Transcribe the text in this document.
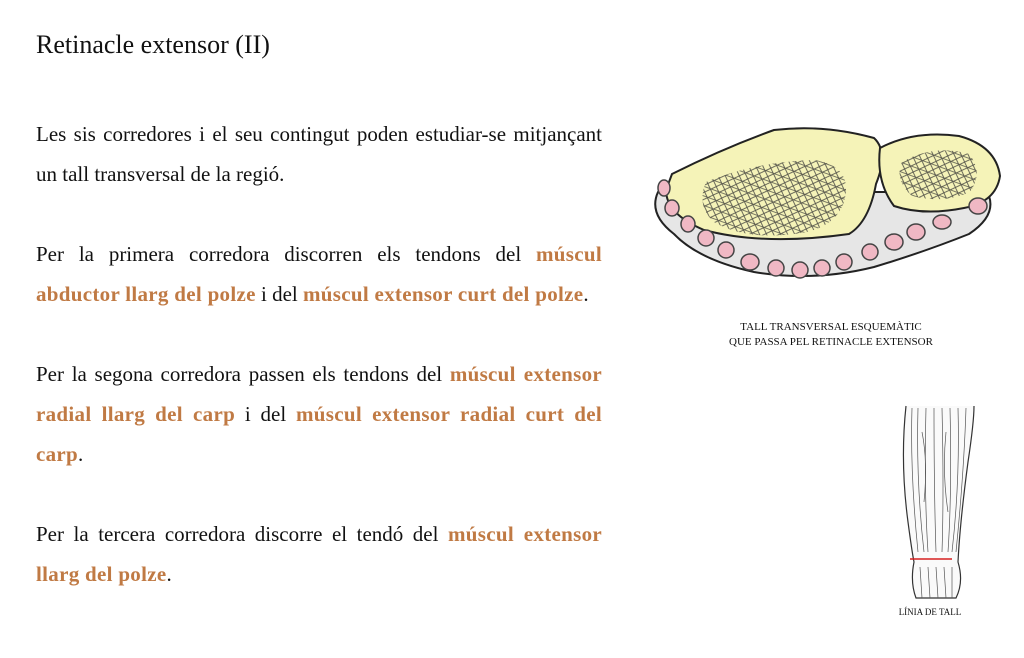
Retinacle extensor (II)

Les sis corredores i el seu contingut poden estudiar-se mitjançant un tall transversal de la regió.

Per la primera corredora discorren els tendons del múscul abductor llarg del polze i del múscul extensor curt del polze.

Per la segona corredora passen els tendons del múscul extensor radial llarg del carp i del múscul extensor radial curt del carp.

Per la tercera corredora discorre el tendó del múscul extensor llarg del polze.

TALL TRANSVERSAL ESQUEMÀTIC
QUE PASSA PEL RETINACLE EXTENSOR
LÍNIA DE TALL
